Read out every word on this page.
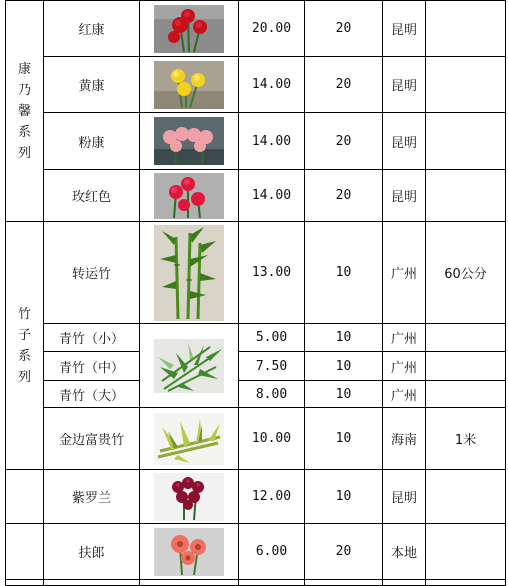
康
乃
馨
系
列	红康		20.00	20	昆明	
	黄康		14.00	20	昆明	
	粉康		14.00	20	昆明	
	玫红色		14.00	20	昆明	

竹
子
系
列	转运竹		13.00	10	广州	60公分
	青竹（小）		5.00	10	广州	
	青竹（中）		7.50	10	广州	
	青竹（大）		8.00	10	广州	
	金边富贵竹		10.00	10	海南	1米
	紫罗兰		12.00	10	昆明	
	扶郎		6.00	20	本地	
